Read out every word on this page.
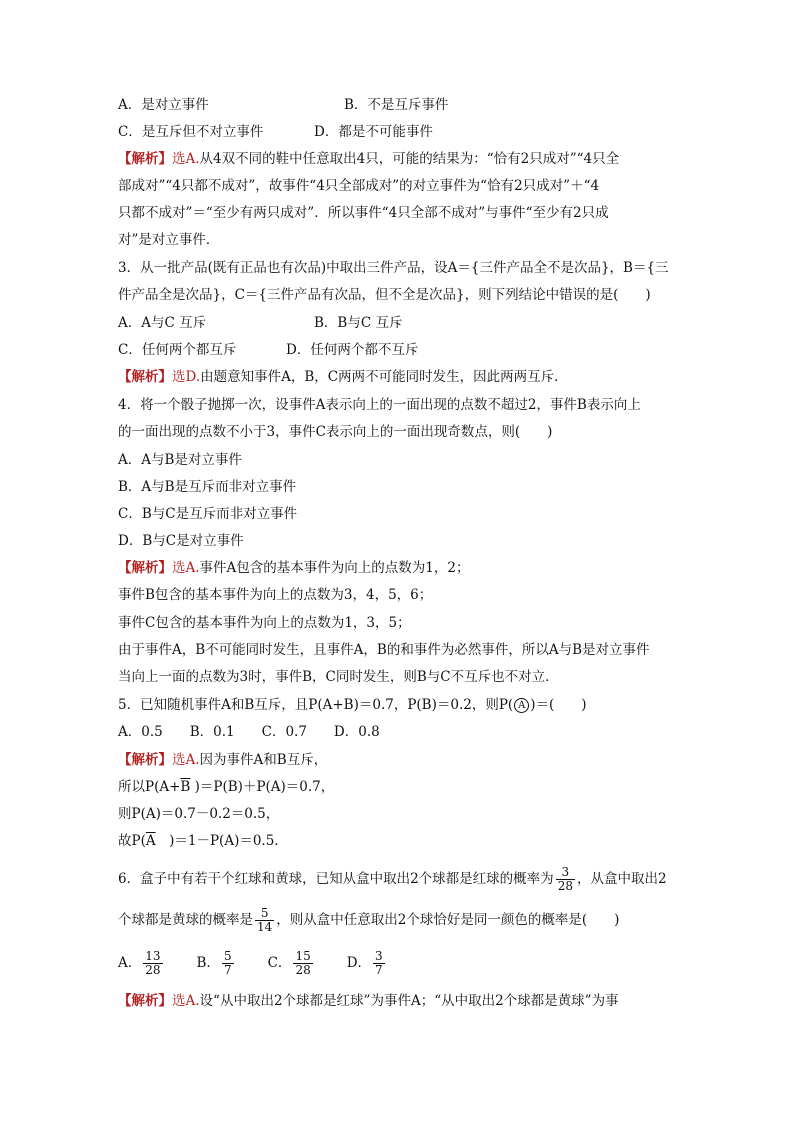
A．是对立事件	B．不是互斥事件
C．是互斥但不对立事件	D．都是不可能事件
【解析】选A.从4双不同的鞋中任意取出4只，可能的结果为：“恰有2只成对”“4只全
部成对”“4只都不成对”，故事件“4只全部成对”的对立事件为“恰有2只成对”＋“4
只都不成对”＝“至少有两只成对”．所以事件“4只全部不成对”与事件“至少有2只成
对”是对立事件．
3．从一批产品(既有正品也有次品)中取出三件产品，设A＝{三件产品全不是次品}，B＝{三
件产品全是次品}，C＝{三件产品有次品，但不全是次品}，则下列结论中错误的是(　　)
A．A与C 互斥	B．B与C 互斥
C．任何两个都互斥	D．任何两个都不互斥
【解析】选D.由题意知事件A，B，C两两不可能同时发生，因此两两互斥．
4．将一个骰子抛掷一次，设事件A表示向上的一面出现的点数不超过2，事件B表示向上
的一面出现的点数不小于3，事件C表示向上的一面出现奇数点，则(　　)
A．A与B是对立事件
B．A与B是互斥而非对立事件
C．B与C是互斥而非对立事件
D．B与C是对立事件
【解析】选A.事件A包含的基本事件为向上的点数为1，2；
事件B包含的基本事件为向上的点数为3，4，5，6；
事件C包含的基本事件为向上的点数为1，3，5；
由于事件A，B不可能同时发生，且事件A，B的和事件为必然事件，所以A与B是对立事件
当向上一面的点数为3时，事件B，C同时发生，则B与C不互斥也不对立．
5．已知随机事件A和B互斥，且P(A+B)＝0.7，P(B)＝0.2，则P( A )＝(　　)
A．0.5　　B．0.1　　C．0.7　　D．0.8
【解析】选A.因为事件A和B互斥，
所以$P(A+\overline{B}$ )＝P(B)＋P(A)＝0.7，
则P(A)＝0.7－0.2＝0.5，
故$P(\overline{A}$　)＝1－P(A)＝0.5.
6．盒子中有若干个红球和黄球，已知从盒中取出2个球都是红球的概率为 $\frac{3}{28}$ ，从盒中取出2
个球都是黄球的概率是 $\frac{5}{14}$ ，则从盒中任意取出2个球恰好是同一颜色的概率是(　　)
A． $\frac{13}{28}$	B． $\frac{5}{7}$	C． $\frac{15}{28}$	D． $\frac{3}{7}$
【解析】选A.设“从中取出2个球都是红球”为事件A；“从中取出2个球都是黄球”为事
